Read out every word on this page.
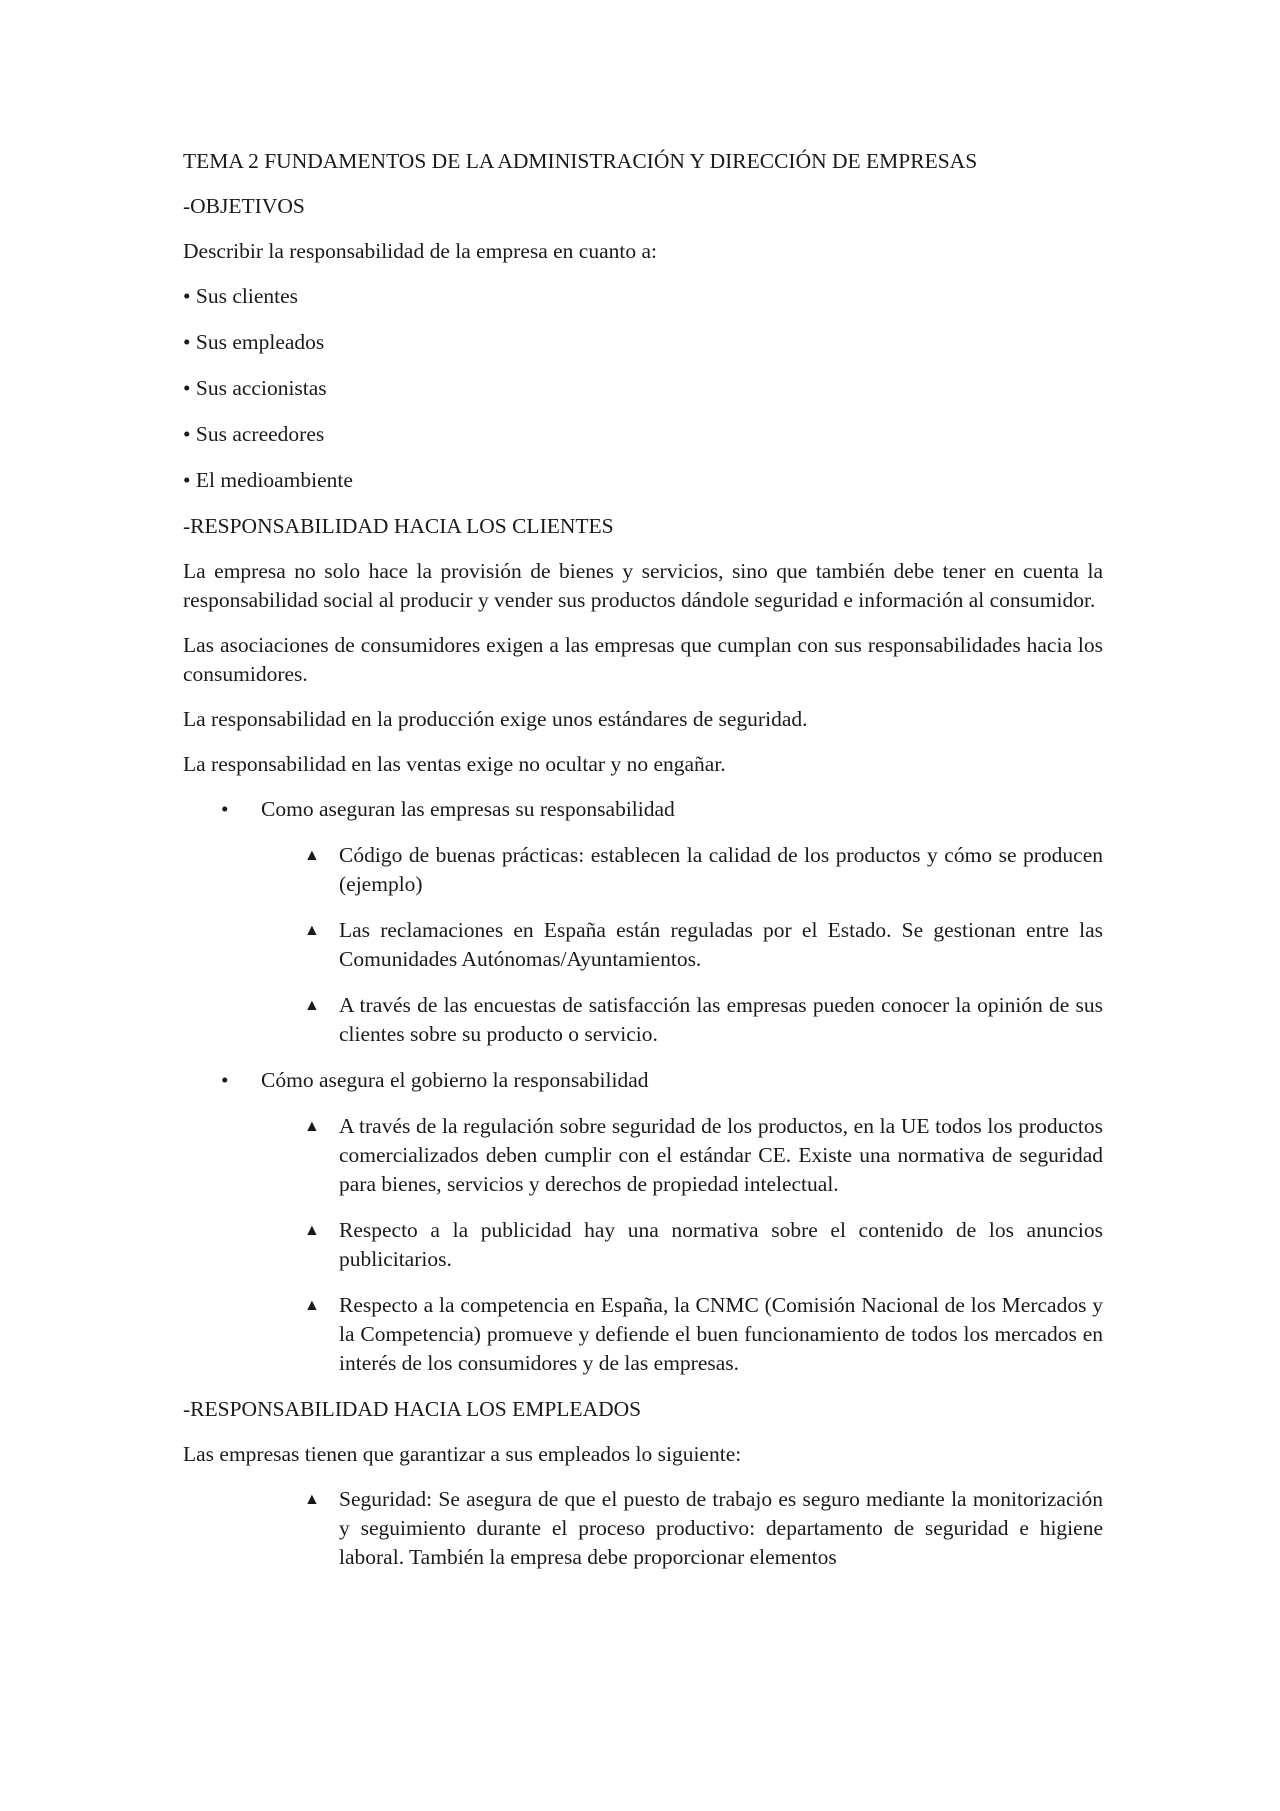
TEMA 2 FUNDAMENTOS DE LA ADMINISTRACIÓN Y DIRECCIÓN DE EMPRESAS

-OBJETIVOS

Describir la responsabilidad de la empresa en cuanto a:

• Sus clientes

• Sus empleados

• Sus accionistas

• Sus acreedores

• El medioambiente

-RESPONSABILIDAD HACIA LOS CLIENTES

La empresa no solo hace la provisión de bienes y servicios, sino que también debe tener en cuenta la responsabilidad social al producir y vender sus productos dándole seguridad e información al consumidor.

Las asociaciones de consumidores exigen a las empresas que cumplan con sus responsabilidades hacia los consumidores.

La responsabilidad en la producción exige unos estándares de seguridad.

La responsabilidad en las ventas exige no ocultar y no engañar.

• Como aseguran las empresas su responsabilidad
▲ Código de buenas prácticas: establecen la calidad de los productos y cómo se producen (ejemplo)
▲ Las reclamaciones en España están reguladas por el Estado. Se gestionan entre las Comunidades Autónomas/Ayuntamientos.
▲ A través de las encuestas de satisfacción las empresas pueden conocer la opinión de sus clientes sobre su producto o servicio.
• Cómo asegura el gobierno la responsabilidad
▲ A través de la regulación sobre seguridad de los productos, en la UE todos los productos comercializados deben cumplir con el estándar CE. Existe una normativa de seguridad para bienes, servicios y derechos de propiedad intelectual.
▲ Respecto a la publicidad hay una normativa sobre el contenido de los anuncios publicitarios.
▲ Respecto a la competencia en España, la CNMC (Comisión Nacional de los Mercados y la Competencia) promueve y defiende el buen funcionamiento de todos los mercados en interés de los consumidores y de las empresas.

-RESPONSABILIDAD HACIA LOS EMPLEADOS

Las empresas tienen que garantizar a sus empleados lo siguiente:

▲ Seguridad: Se asegura de que el puesto de trabajo es seguro mediante la monitorización y seguimiento durante el proceso productivo: departamento de seguridad e higiene laboral. También la empresa debe proporcionar elementos
